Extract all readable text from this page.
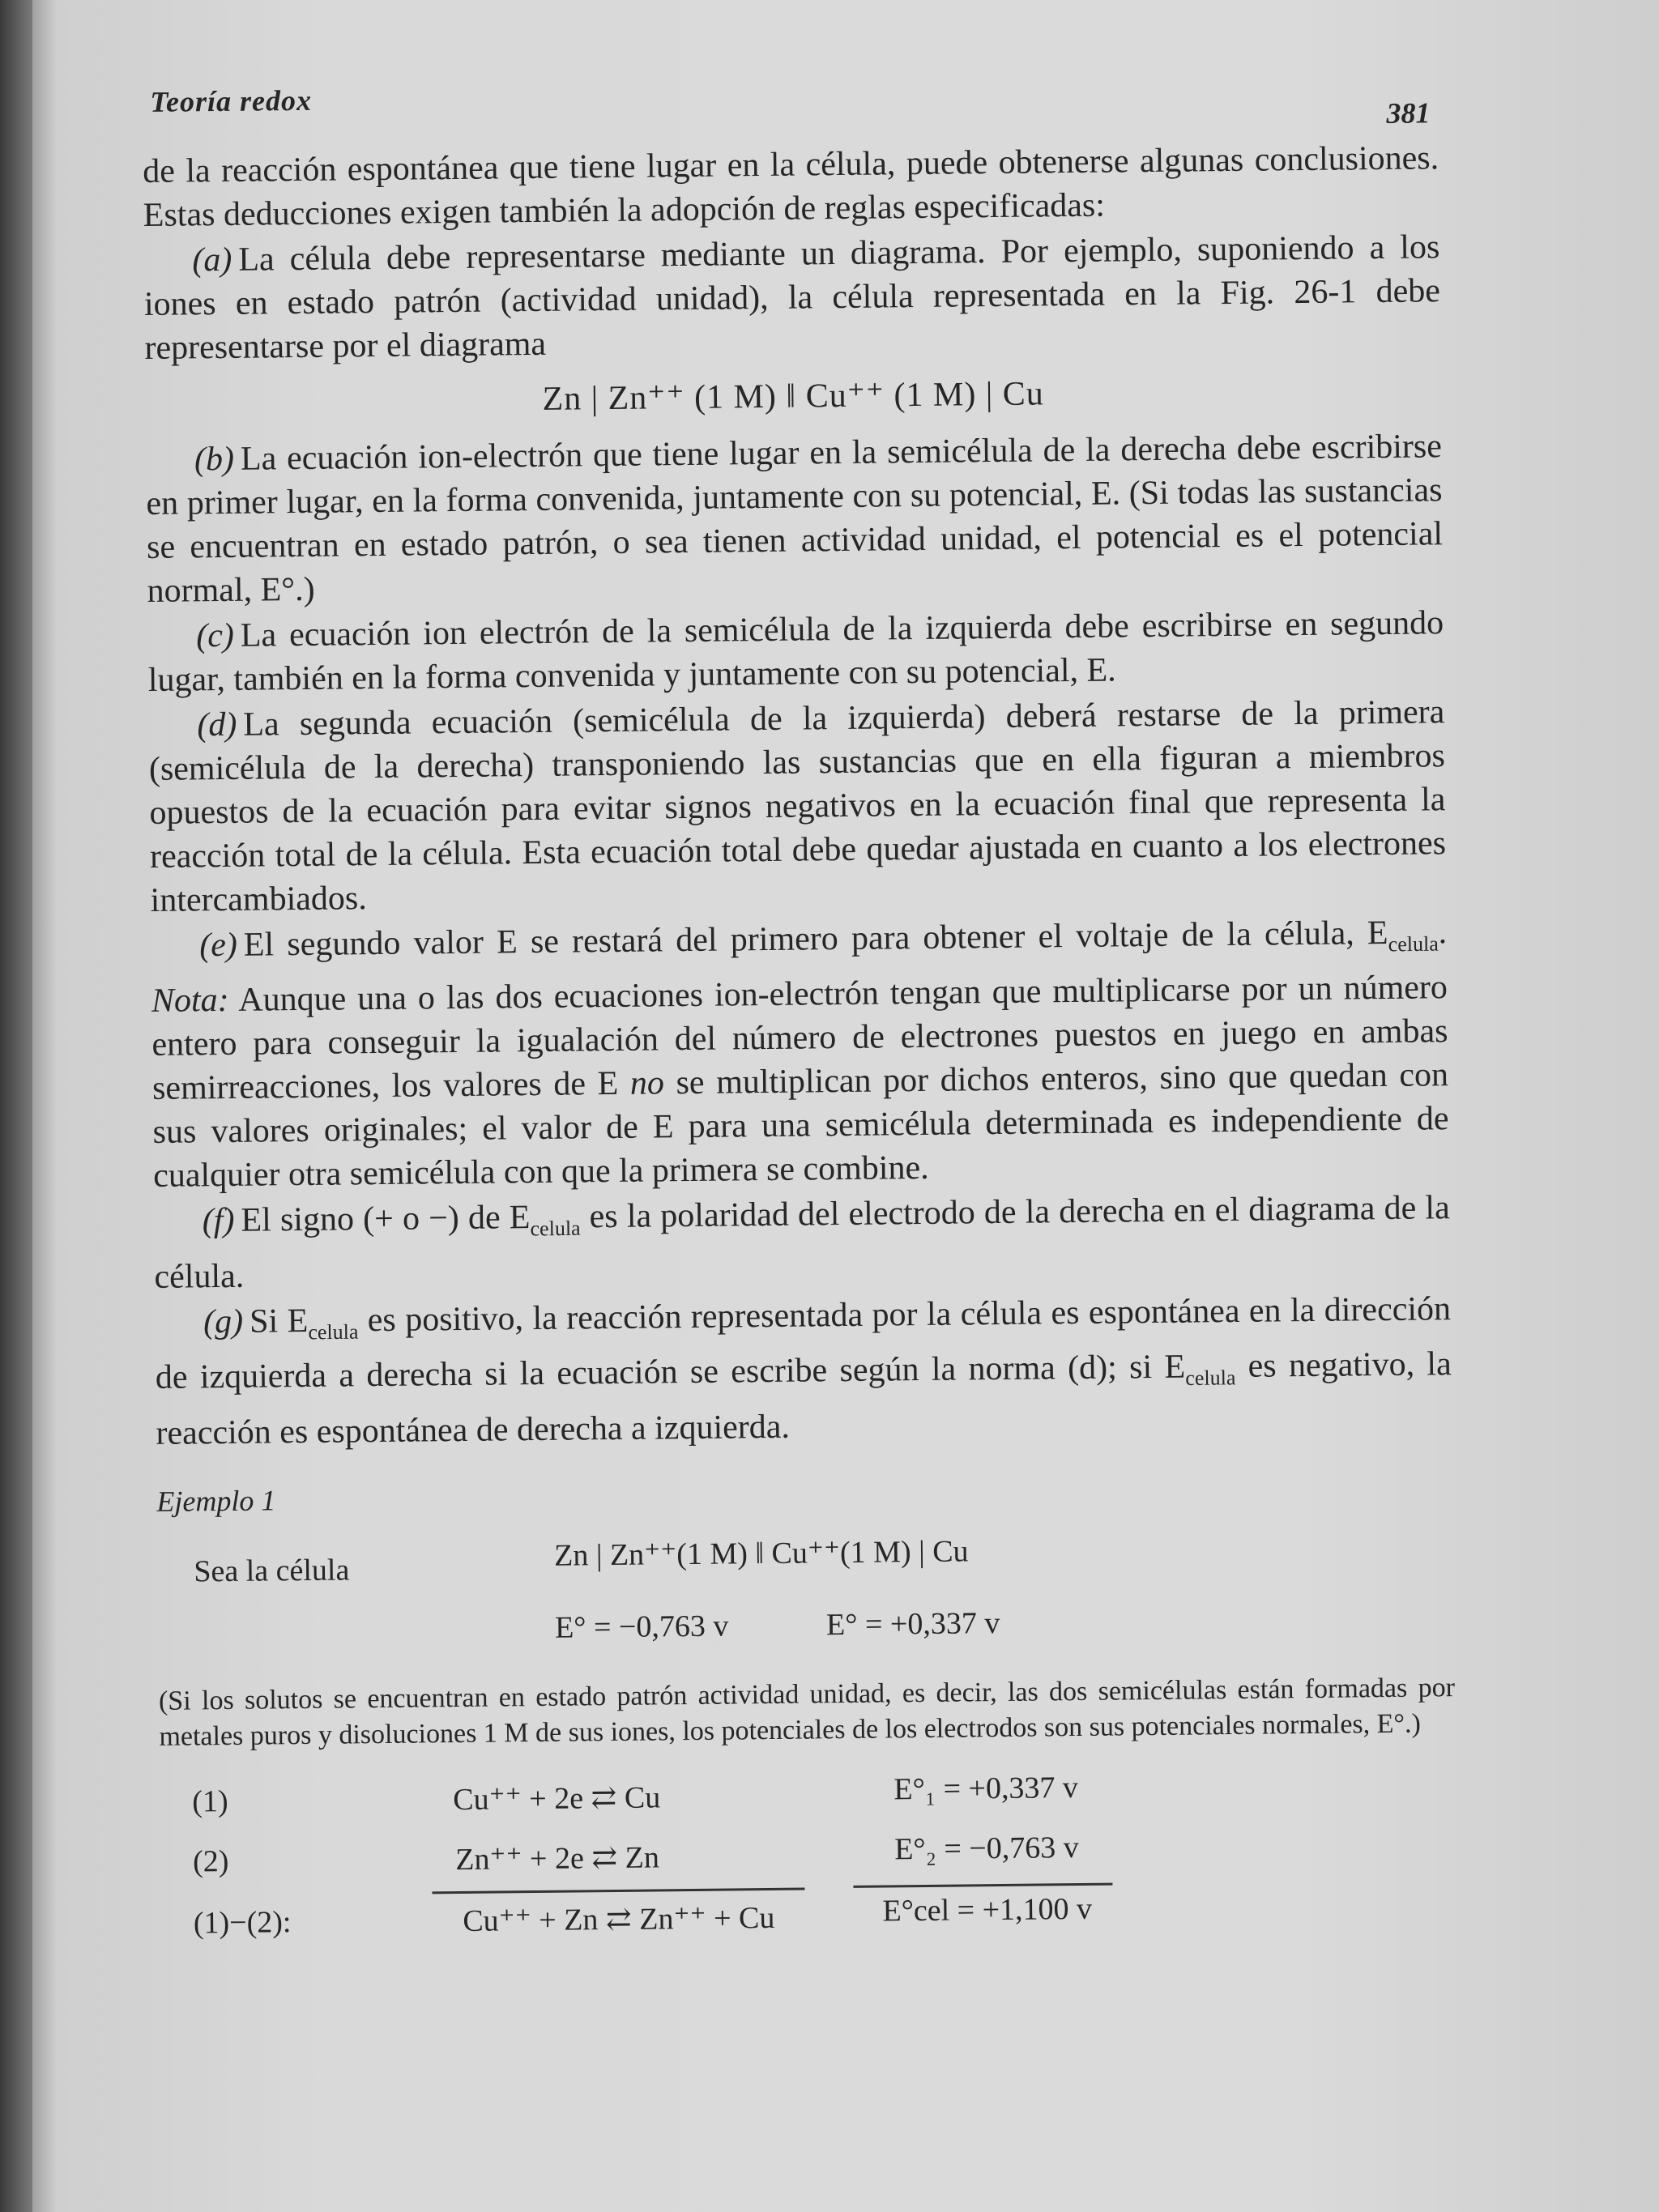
Teoría redox	381

de la reacción espontánea que tiene lugar en la célula, puede obtenerse algunas conclusiones. Estas deducciones exigen también la adopción de reglas especificadas:

(a) La célula debe representarse mediante un diagrama. Por ejemplo, suponiendo a los iones en estado patrón (actividad unidad), la célula representada en la Fig. 26-1 debe representarse por el diagrama

Zn | Zn⁺⁺ (1 M) ‖ Cu⁺⁺ (1 M) | Cu

(b) La ecuación ion-electrón que tiene lugar en la semicélula de la derecha debe escribirse en primer lugar, en la forma convenida, juntamente con su potencial, E. (Si todas las sustancias se encuentran en estado patrón, o sea tienen actividad unidad, el potencial es el potencial normal, E°.)

(c) La ecuación ion electrón de la semicélula de la izquierda debe escribirse en segundo lugar, también en la forma convenida y juntamente con su potencial, E.

(d) La segunda ecuación (semicélula de la izquierda) deberá restarse de la primera (semicélula de la derecha) transponiendo las sustancias que en ella figuran a miembros opuestos de la ecuación para evitar signos negativos en la ecuación final que representa la reacción total de la célula. Esta ecuación total debe quedar ajustada en cuanto a los electrones intercambiados.

(e) El segundo valor E se restará del primero para obtener el voltaje de la célula, $E_{celula}$. Nota: Aunque una o las dos ecuaciones ion-electrón tengan que multiplicarse por un número entero para conseguir la igualación del número de electrones puestos en juego en ambas semirreacciones, los valores de E no se multiplican por dichos enteros, sino que quedan con sus valores originales; el valor de E para una semicélula determinada es independiente de cualquier otra semicélula con que la primera se combine.

(f) El signo (+ o −) de $E_{celula}$ es la polaridad del electrodo de la derecha en el diagrama de la célula.

(g) Si $E_{celula}$ es positivo, la reacción representada por la célula es espontánea en la dirección de izquierda a derecha si la ecuación se escribe según la norma (d); si $E_{celula}$ es negativo, la reacción es espontánea de derecha a izquierda.

Ejemplo 1
Sea la célula	Zn | Zn⁺⁺(1 M) ‖ Cu⁺⁺(1 M) | Cu
E° = −0,763 v	E° = +0,337 v

(Si los solutos se encuentran en estado patrón actividad unidad, es decir, las dos semicélulas están formadas por metales puros y disoluciones 1 M de sus iones, los potenciales de los electrodos son sus potenciales normales, E°.)

(1)	Cu⁺⁺ + 2e ⇄ Cu	E°₁ = +0,337 v
(2)	Zn⁺⁺ + 2e ⇄ Zn	E°₂ = −0,763 v
(1)−(2):	Cu⁺⁺ + Zn ⇄ Zn⁺⁺ + Cu	E°cel = +1,100 v
